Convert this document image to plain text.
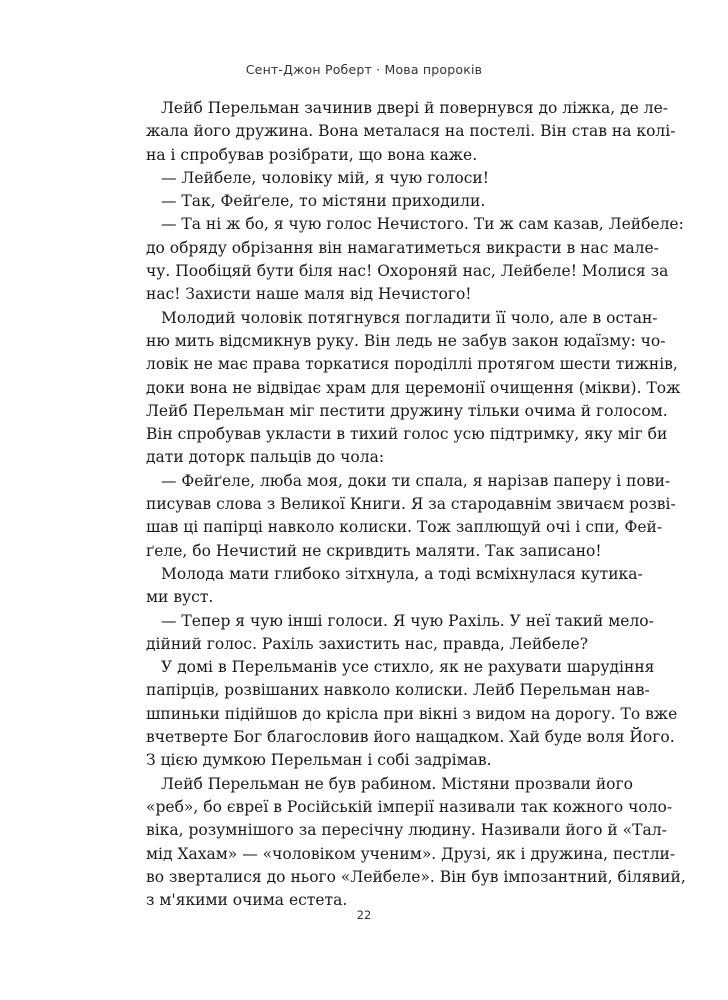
Сент-Джон Роберт · Мова пророків
Лейб Перельман зачинив двері й повернувся до ліжка, де ле-
жала його дружина. Вона металася на постелі. Він став на колі-
на і спробував розібрати, що вона каже.
— Лейбеле, чоловіку мій, я чую голоси!
— Так, Фейґеле, то містяни приходили.
— Та ні ж бо, я чую голос Нечистого. Ти ж сам казав, Лейбеле:
до обряду обрізання він намагатиметься викрасти в нас мале-
чу. Пообіцяй бути біля нас! Охороняй нас, Лейбеле! Молися за
нас! Захисти наше маля від Нечистого!
Молодий чоловік потягнувся погладити її чоло, але в остан-
ню мить відсмикнув руку. Він ледь не забув закон юдаїзму: чо-
ловік не має права торкатися породіллі протягом шести тижнів,
доки вона не відвідає храм для церемонії очищення (мікви). Тож
Лейб Перельман міг пестити дружину тільки очима й голосом.
Він спробував укласти в тихий голос усю підтримку, яку міг би
дати доторк пальців до чола:
— Фейґеле, люба моя, доки ти спала, я нарізав паперу і пови-
писував слова з Великої Книги. Я за стародавнім звичаєм розві-
шав ці папірці навколо колиски. Тож заплющуй очі і спи, Фей-
ґеле, бо Нечистий не скривдить маляти. Так записано!
Молода мати глибоко зітхнула, а тоді всміхнулася кутика-
ми вуст.
— Тепер я чую інші голоси. Я чую Рахіль. У неї такий мело-
дійний голос. Рахіль захистить нас, правда, Лейбеле?
У домі в Перельманів усе стихло, як не рахувати шарудіння
папірців, розвішаних навколо колиски. Лейб Перельман нав-
шпиньки підійшов до крісла при вікні з видом на дорогу. То вже
вчетверте Бог благословив його нащадком. Хай буде воля Його.
З цією думкою Перельман і собі задрімав.
Лейб Перельман не був рабином. Містяни прозвали його
«реб», бо євреї в Російській імперії називали так кожного чоло-
віка, розумнішого за пересічну людину. Називали його й «Тал-
мід Хахам» — «чоловіком ученим». Друзі, як і дружина, пестли-
во зверталися до нього «Лейбеле». Він був імпозантний, білявий,
з м'якими очима естета.
22
